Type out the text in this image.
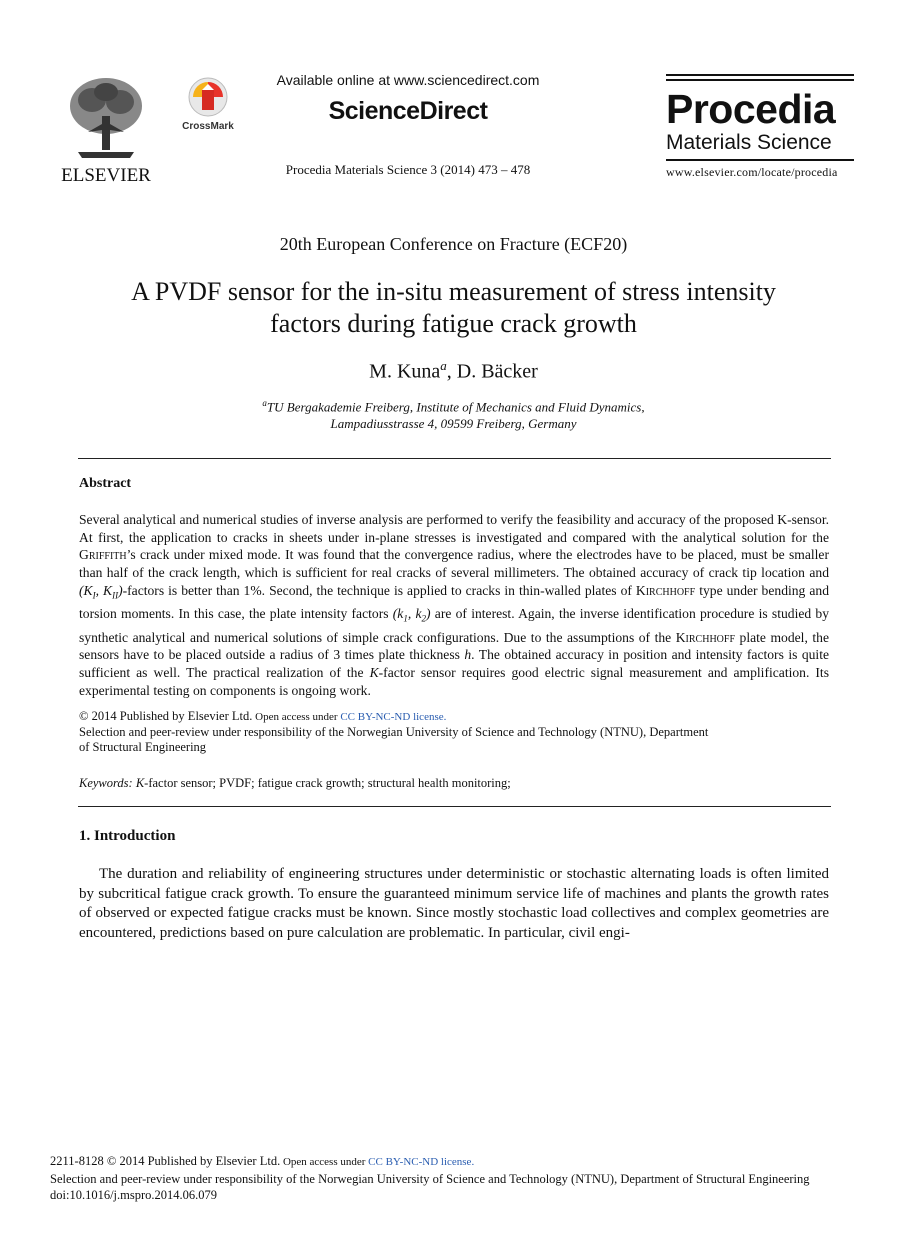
ELSEVIER
CrossMark
Available online at www.sciencedirect.com
ScienceDirect
Procedia Materials Science 3 (2014) 473 – 478
Procedia
Materials Science
www.elsevier.com/locate/procedia
20th European Conference on Fracture (ECF20)
A PVDF sensor for the in-situ measurement of stress intensity
factors during fatigue crack growth
M. Kuna$^a$, D. Bäcker
$^a$TU Bergakademie Freiberg, Institute of Mechanics and Fluid Dynamics,
Lampadiusstrasse 4, 09599 Freiberg, Germany
Abstract
Several analytical and numerical studies of inverse analysis are performed to verify the feasibility and accuracy of the proposed K-sensor. At first, the application to cracks in sheets under in-plane stresses is investigated and compared with the analytical solution for the Griffith’s crack under mixed mode. It was found that the convergence radius, where the electrodes have to be placed, must be smaller than half of the crack length, which is sufficient for real cracks of several millimeters. The obtained accuracy of crack tip location and ($K_I$, $K_{II}$)-factors is better than 1%. Second, the technique is applied to cracks in thin-walled plates of Kirchhoff type under bending and torsion moments. In this case, the plate intensity factors ($k_1$, $k_2$) are of interest. Again, the inverse identification procedure is studied by synthetic analytical and numerical solutions of simple crack configurations. Due to the assumptions of the Kirchhoff plate model, the sensors have to be placed outside a radius of 3 times plate thickness h. The obtained accuracy in position and intensity factors is quite sufficient as well. The practical realization of the K-factor sensor requires good electric signal measurement and amplification. Its experimental testing on components is ongoing work.
© 2014 Published by Elsevier Ltd. Open access under CC BY-NC-ND license.
Selection and peer-review under responsibility of the Norwegian University of Science and Technology (NTNU), Department
of Structural Engineering
Keywords: K-factor sensor; PVDF; fatigue crack growth; structural health monitoring;
1. Introduction
The duration and reliability of engineering structures under deterministic or stochastic alternating loads is often limited by subcritical fatigue crack growth. To ensure the guaranteed minimum service life of machines and plants the growth rates of observed or expected fatigue cracks must be known. Since mostly stochastic load collectives and complex geometries are encountered, predictions based on pure calculation are problematic. In particular, civil engi-
2211-8128 © 2014 Published by Elsevier Ltd. Open access under CC BY-NC-ND license.
Selection and peer-review under responsibility of the Norwegian University of Science and Technology (NTNU), Department of Structural Engineering
doi:10.1016/j.mspro.2014.06.079
